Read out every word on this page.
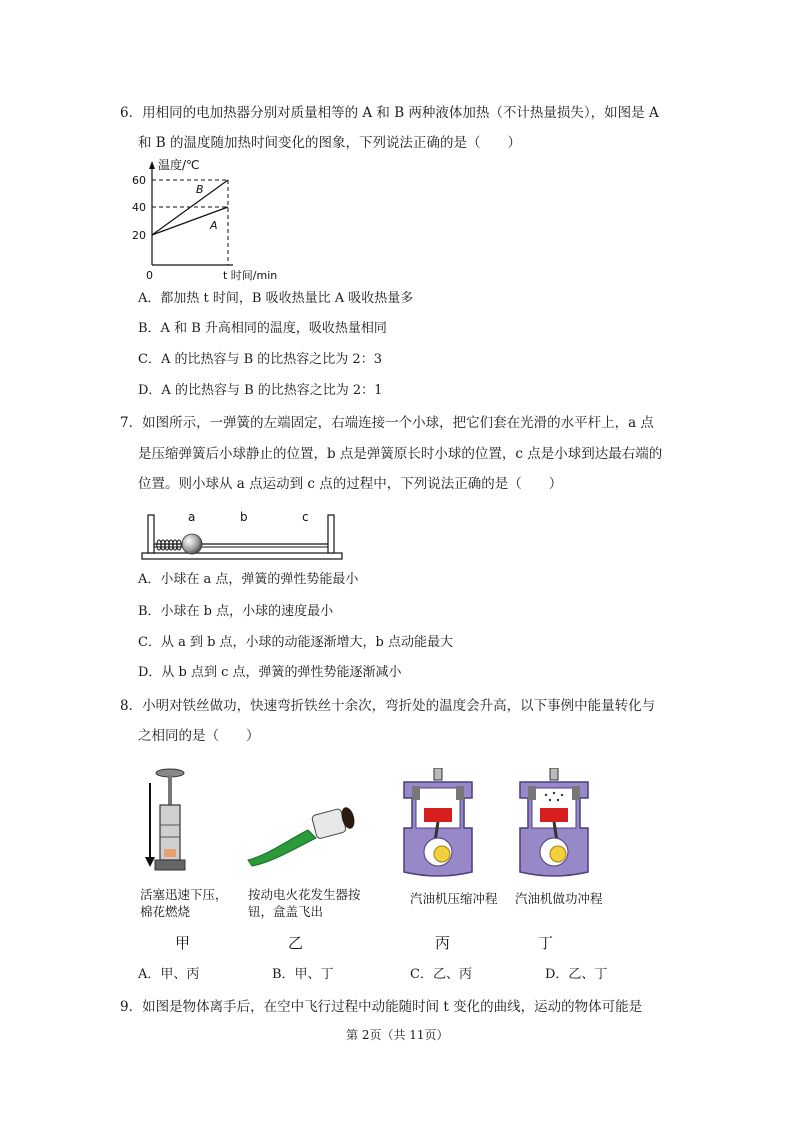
6．用相同的电加热器分别对质量相等的 A 和 B 两种液体加热（不计热量损失），如图是 A
和 B 的温度随加热时间变化的图象，下列说法正确的是（　　）
温度/℃
60
40
20
0	t 时间/min
B
A
A．都加热 t 时间，B 吸收热量比 A 吸收热量多
B．A 和 B 升高相同的温度，吸收热量相同
C．A 的比热容与 B 的比热容之比为 2：3
D．A 的比热容与 B 的比热容之比为 2：1
7．如图所示，一弹簧的左端固定，右端连接一个小球，把它们套在光滑的水平杆上，a 点
是压缩弹簧后小球静止的位置，b 点是弹簧原长时小球的位置，c 点是小球到达最右端的
位置。则小球从 a 点运动到 c 点的过程中，下列说法正确的是（　　）
a	b	c
A．小球在 a 点，弹簧的弹性势能最小
B．小球在 b 点，小球的速度最小
C．从 a 到 b 点，小球的动能逐渐增大，b 点动能最大
D．从 b 点到 c 点，弹簧的弹性势能逐渐减小
8．小明对铁丝做功，快速弯折铁丝十余次，弯折处的温度会升高，以下事例中能量转化与
之相同的是（　　）
活塞迅速下压，
棉花燃烧
按动电火花发生器按
钮，盒盖飞出
汽油机压缩冲程 汽油机做功冲程
甲	乙	丙	丁
A．甲、丙	B．甲、丁	C．乙、丙	D．乙、丁
9．如图是物体离手后，在空中飞行过程中动能随时间 t 变化的曲线，运动的物体可能是
第 2页（共 11页）
